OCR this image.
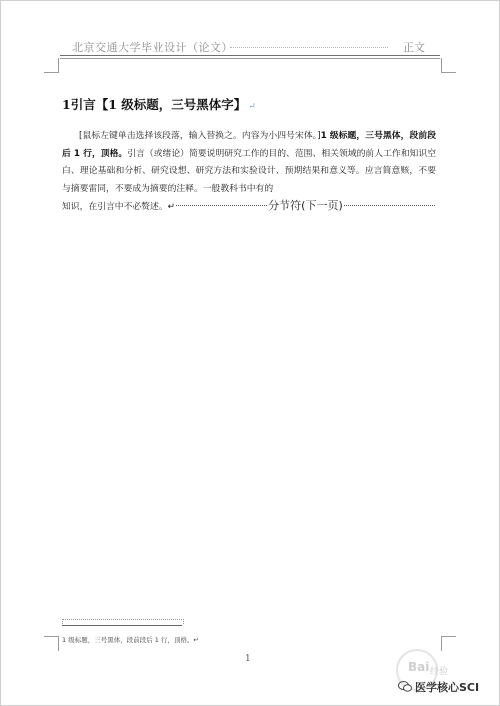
北京交通大学毕业设计（论文）	正文
1引言【1 级标题，三号黑体字】 ↵
[鼠标左键单击选择该段落，输入替换之。内容为小四号宋体。]1 级标题，三号黑体，段前段后 1 行，顶格。引言（或绪论）简要说明研究工作的目的、范围、相关领域的前人工作和知识空白、理论基础和分析、研究设想、研究方法和实验设计、预期结果和意义等。应言简意赅，不要与摘要雷同，不要成为摘要的注释。一般教科书中有的
知识，在引言中不必赘述。↵	分节符(下一页)
1 级标题，三号黑体，段前段后 1 行，顶格。↵
1
Bai 经验
医学核心SCI
